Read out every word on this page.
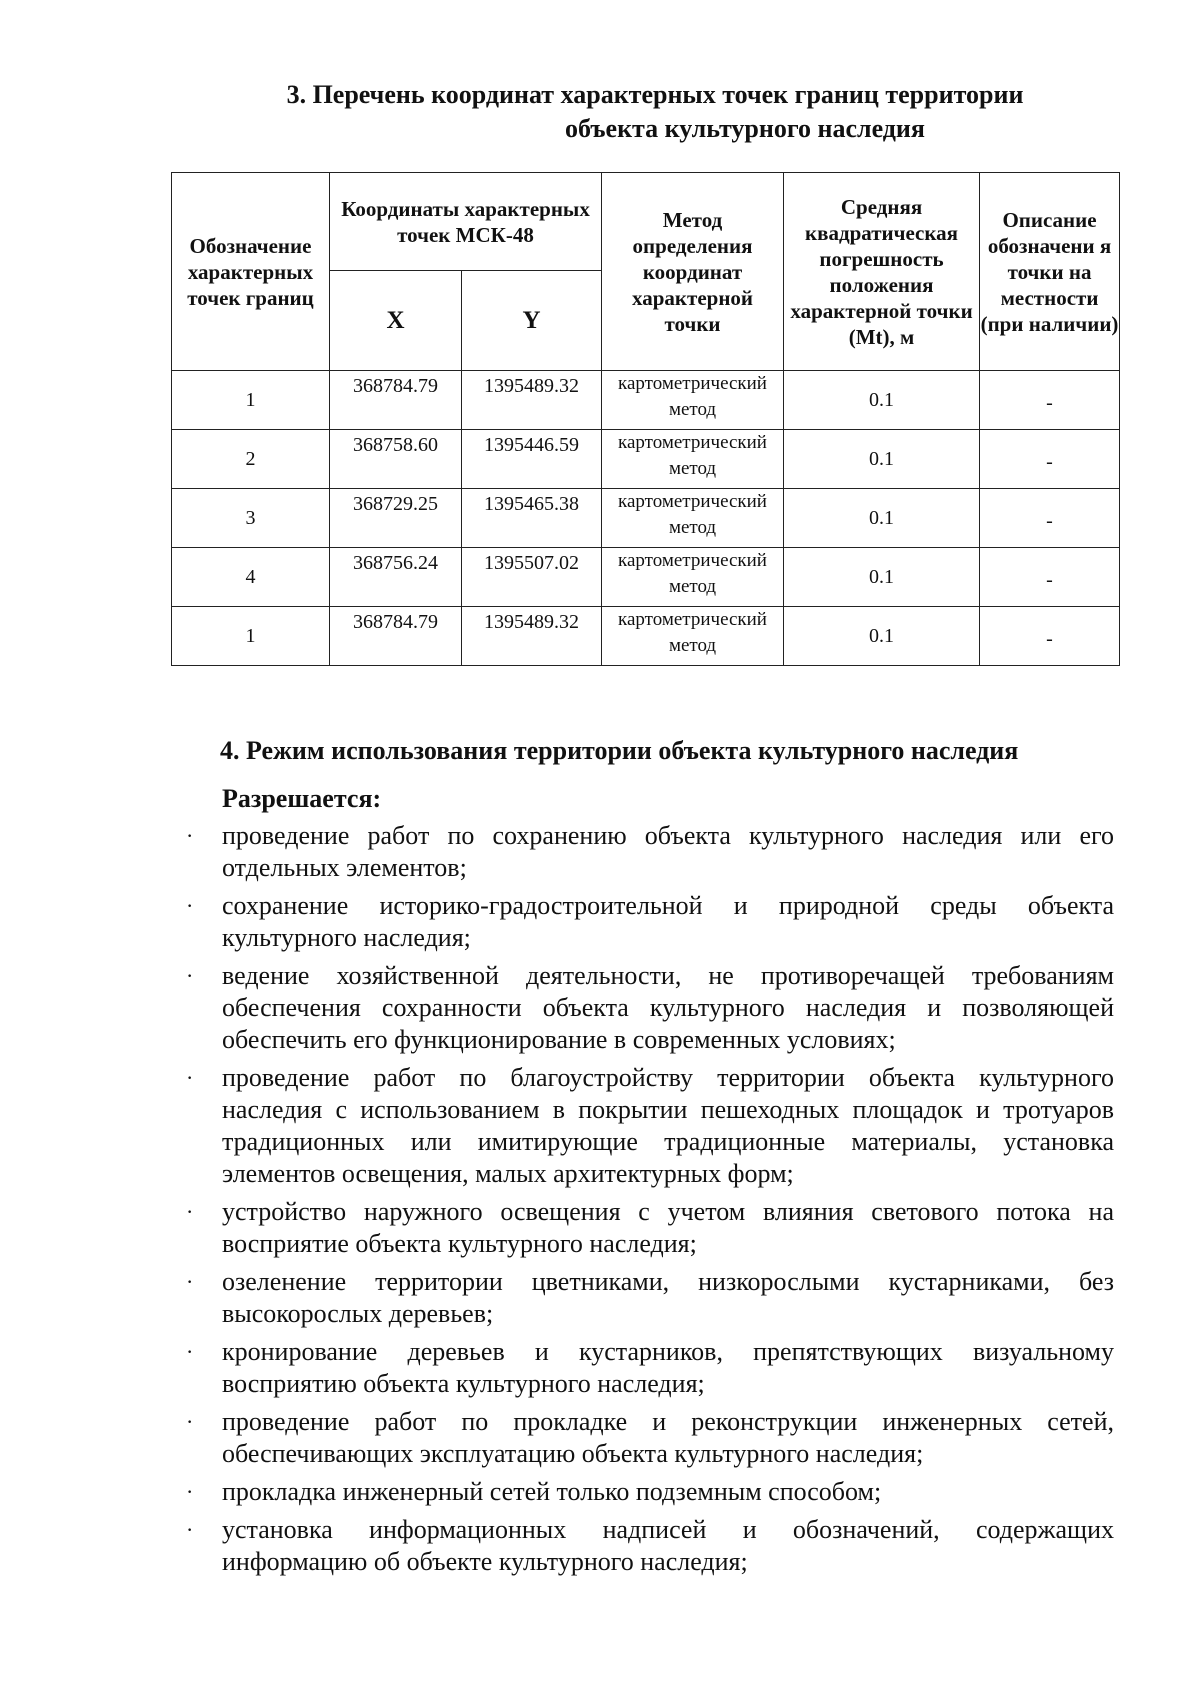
3. Перечень координат характерных точек границ территории
объекта культурного наследия
Обозначение характерных точек границ	Координаты характерных точек МСК-48		Метод определения координат характерной точки	Средняя квадратическая погрешность положения характерной точки (Mt), м	Описание обозначени я точки на местности (при наличии)
	X	Y			
1	368784.79	1395489.32	картометрический метод	0.1	-
2	368758.60	1395446.59	картометрический метод	0.1	-
3	368729.25	1395465.38	картометрический метод	0.1	-
4	368756.24	1395507.02	картометрический метод	0.1	-
1	368784.79	1395489.32	картометрический метод	0.1	-
4. Режим использования территории объекта культурного наследия

Разрешается:

· проведение работ по сохранению объекта культурного наследия или его отдельных элементов;
· сохранение историко-градостроительной и природной среды объекта культурного наследия;
· ведение хозяйственной деятельности, не противоречащей требованиям обеспечения сохранности объекта культурного наследия и позволяющей обеспечить его функционирование в современных условиях;
· проведение работ по благоустройству территории объекта культурного наследия с использованием в покрытии пешеходных площадок и тротуаров традиционных или имитирующие традиционные материалы, установка элементов освещения, малых архитектурных форм;
· устройство наружного освещения с учетом влияния светового потока на восприятие объекта культурного наследия;
· озеленение территории цветниками, низкорослыми кустарниками, без высокорослых деревьев;
· кронирование деревьев и кустарников, препятствующих визуальному восприятию объекта культурного наследия;
· проведение работ по прокладке и реконструкции инженерных сетей, обеспечивающих эксплуатацию объекта культурного наследия;
· прокладка инженерный сетей только подземным способом;
· установка информационных надписей и обозначений, содержащих информацию об объекте культурного наследия;
